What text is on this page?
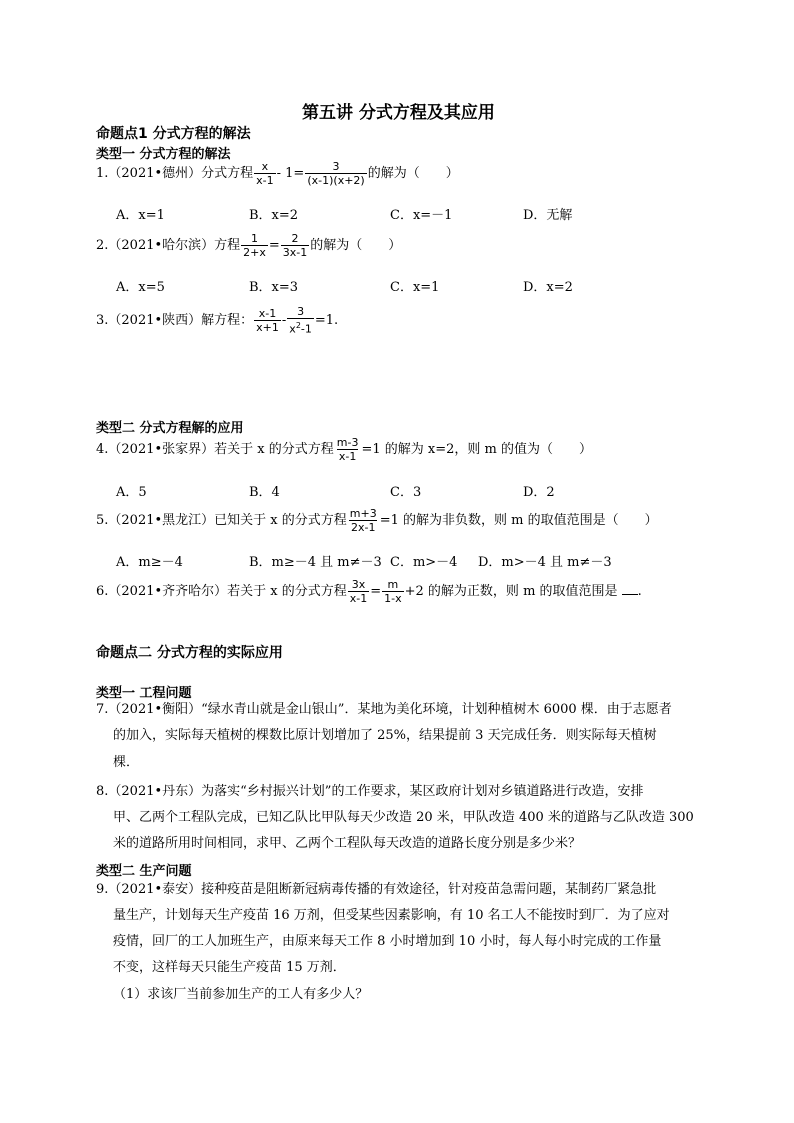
第五讲 分式方程及其应用
命题点1 分式方程的解法
类型一 分式方程的解法
1.（2021•德州）分式方程 $\frac{x}{x-1} - 1= \frac{3}{(x-1)(x+2)}$ 的解为（　　）
A．x=1	B．x=2	C．x=－1	D．无解
2.（2021•哈尔滨）方程 $\frac{1}{2+x} = \frac{2}{3x-1}$ 的解为（　　）
A．x=5	B．x=3	C．x=1	D．x=2
3.（2021•陕西）解方程： $\frac{x-1}{x+1} - \frac{3}{x^2-1} =1$.
类型二 分式方程解的应用
4.（2021•张家界）若关于 x 的分式方程 $\frac{m-3}{x-1} =1$ 的解为 x=2，则 m 的值为（　　）
A．5	B．4	C．3	D．2
5.（2021•黑龙江）已知关于 x 的分式方程 $\frac{m+3}{2x-1} =1$ 的解为非负数，则 m 的取值范围是（　　）
A．m≥－4	B．m≥－4 且 m≠－3 C．m>－4 D．m>－4 且 m≠－3
6.（2021•齐齐哈尔）若关于 x 的分式方程 $\frac{3x}{x-1} = \frac{m}{1-x} +2$ 的解为正数，则 m 的取值范围是 .
命题点二 分式方程的实际应用
类型一 工程问题
7.（2021•衡阳）“绿水青山就是金山银山”．某地为美化环境，计划种植树木 6000 棵．由于志愿者
的加入，实际每天植树的棵数比原计划增加了 25%，结果提前 3 天完成任务．则实际每天植树
棵．
8.（2021•丹东）为落实“乡村振兴计划”的工作要求，某区政府计划对乡镇道路进行改造，安排
甲、乙两个工程队完成，已知乙队比甲队每天少改造 20 米，甲队改造 400 米的道路与乙队改造 300
米的道路所用时间相同，求甲、乙两个工程队每天改造的道路长度分别是多少米？
类型二 生产问题
9.（2021•泰安）接种疫苗是阻断新冠病毒传播的有效途径，针对疫苗急需问题，某制药厂紧急批
量生产，计划每天生产疫苗 16 万剂，但受某些因素影响，有 10 名工人不能按时到厂．为了应对
疫情，回厂的工人加班生产，由原来每天工作 8 小时增加到 10 小时，每人每小时完成的工作量
不变，这样每天只能生产疫苗 15 万剂．
（1）求该厂当前参加生产的工人有多少人？
